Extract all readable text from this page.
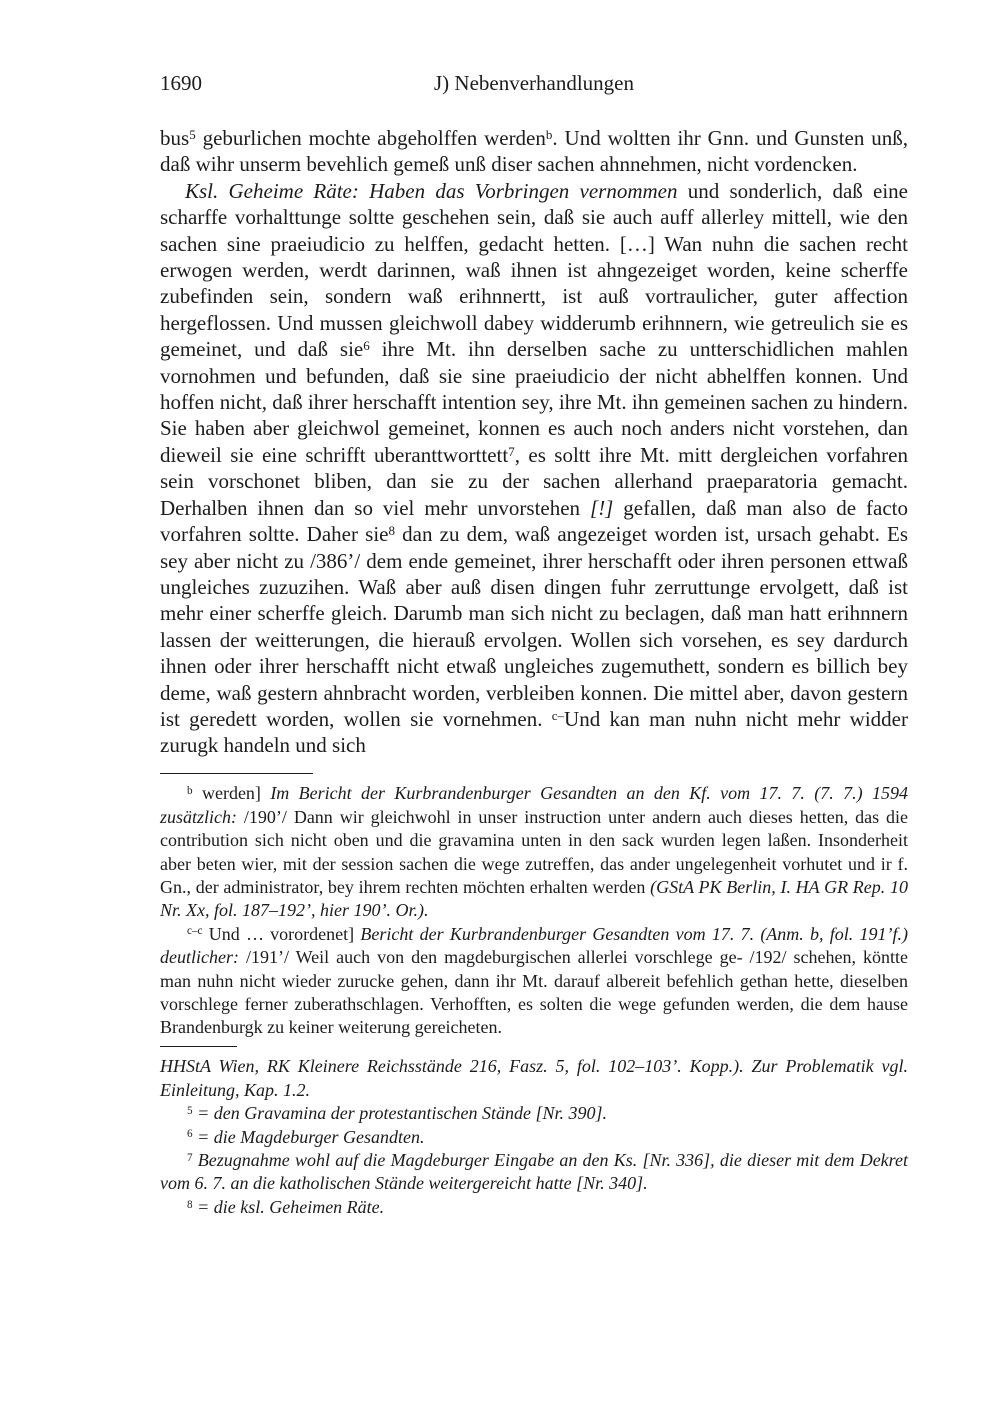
1690	J) Nebenverhandlungen

bus$^5$ geburlichen mochte abgeholffen werden$^b$. Und woltten ihr Gnn. und Gunsten unß, daß wihr unserm bevehlich gemeß unß diser sachen ahnnehmen, nicht vordencken.

Ksl. Geheime Räte: Haben das Vorbringen vernommen und sonderlich, daß eine scharffe vorhalttunge soltte geschehen sein, daß sie auch auff allerley mittell, wie den sachen sine praeiudicio zu helffen, gedacht hetten. […] Wan nuhn die sachen recht erwogen werden, werdt darinnen, waß ihnen ist ahngezeiget worden, keine scherffe zubefinden sein, sondern waß erihnnertt, ist auß vortraulicher, guter affection hergeflossen. Und mussen gleichwoll dabey widderumb erihnnern, wie getreulich sie es gemeinet, und daß sie$^6$ ihre Mt. ihn derselben sache zu untterschidlichen mahlen vornohmen und befunden, daß sie sine praeiudicio der nicht abhelffen konnen. Und hoffen nicht, daß ihrer herschafft intention sey, ihre Mt. ihn gemeinen sachen zu hindern. Sie haben aber gleichwol gemeinet, konnen es auch noch anders nicht vorstehen, dan dieweil sie eine schrifft uberanttworttett$^7$, es soltt ihre Mt. mitt dergleichen vorfahren sein vorschonet bliben, dan sie zu der sachen allerhand praeparatoria gemacht. Derhalben ihnen dan so viel mehr unvorstehen [!] gefallen, daß man also de facto vorfahren soltte. Daher sie$^8$ dan zu dem, waß angezeiget worden ist, ursach gehabt. Es sey aber nicht zu /386’/ dem ende gemeinet, ihrer herschafft oder ihren personen ettwaß ungleiches zuzuzihen. Waß aber auß disen dingen fuhr zerruttunge ervolgett, daß ist mehr einer scherffe gleich. Darumb man sich nicht zu beclagen, daß man hatt erihnnern lassen der weitterungen, die hierauß ervolgen. Wollen sich vorsehen, es sey dardurch ihnen oder ihrer herschafft nicht etwaß ungleiches zugemuthett, sondern es billich bey deme, waß gestern ahnbracht worden, verbleiben konnen. Die mittel aber, davon gestern ist geredett worden, wollen sie vornehmen. $^{c-}$Und kan man nuhn nicht mehr widder zurugk handeln und sich

$^b$ werden] Im Bericht der Kurbrandenburger Gesandten an den Kf. vom 17. 7. (7. 7.) 1594 zusätzlich: /190’/ Dann wir gleichwohl in unser instruction unter andern auch dieses hetten, das die contribution sich nicht oben und die gravamina unten in den sack wurden legen laßen. Insonderheit aber beten wier, mit der session sachen die wege zutreffen, das ander ungelegenheit vorhutet und ir f. Gn., der administrator, bey ihrem rechten möchten erhalten werden (GStA PK Berlin, I. HA GR Rep. 10 Nr. Xx, fol. 187–192’, hier 190’. Or.).

$^{c-c}$ Und … vorordenet] Bericht der Kurbrandenburger Gesandten vom 17. 7. (Anm. b, fol. 191’f.) deutlicher: /191’/ Weil auch von den magdeburgischen allerlei vorschlege ge- /192/ schehen, köntte man nuhn nicht wieder zurucke gehen, dann ihr Mt. darauf albereit befehlich gethan hette, dieselben vorschlege ferner zuberathschlagen. Verhofften, es solten die wege gefunden werden, die dem hause Brandenburgk zu keiner weiterung gereicheten.

HHStA Wien, RK Kleinere Reichsstände 216, Fasz. 5, fol. 102–103’. Kopp.). Zur Problematik vgl. Einleitung, Kap. 1.2.

$^5$ = den Gravamina der protestantischen Stände [Nr. 390].

$^6$ = die Magdeburger Gesandten.

$^7$ Bezugnahme wohl auf die Magdeburger Eingabe an den Ks. [Nr. 336], die dieser mit dem Dekret vom 6. 7. an die katholischen Stände weitergereicht hatte [Nr. 340].

$^8$ = die ksl. Geheimen Räte.
